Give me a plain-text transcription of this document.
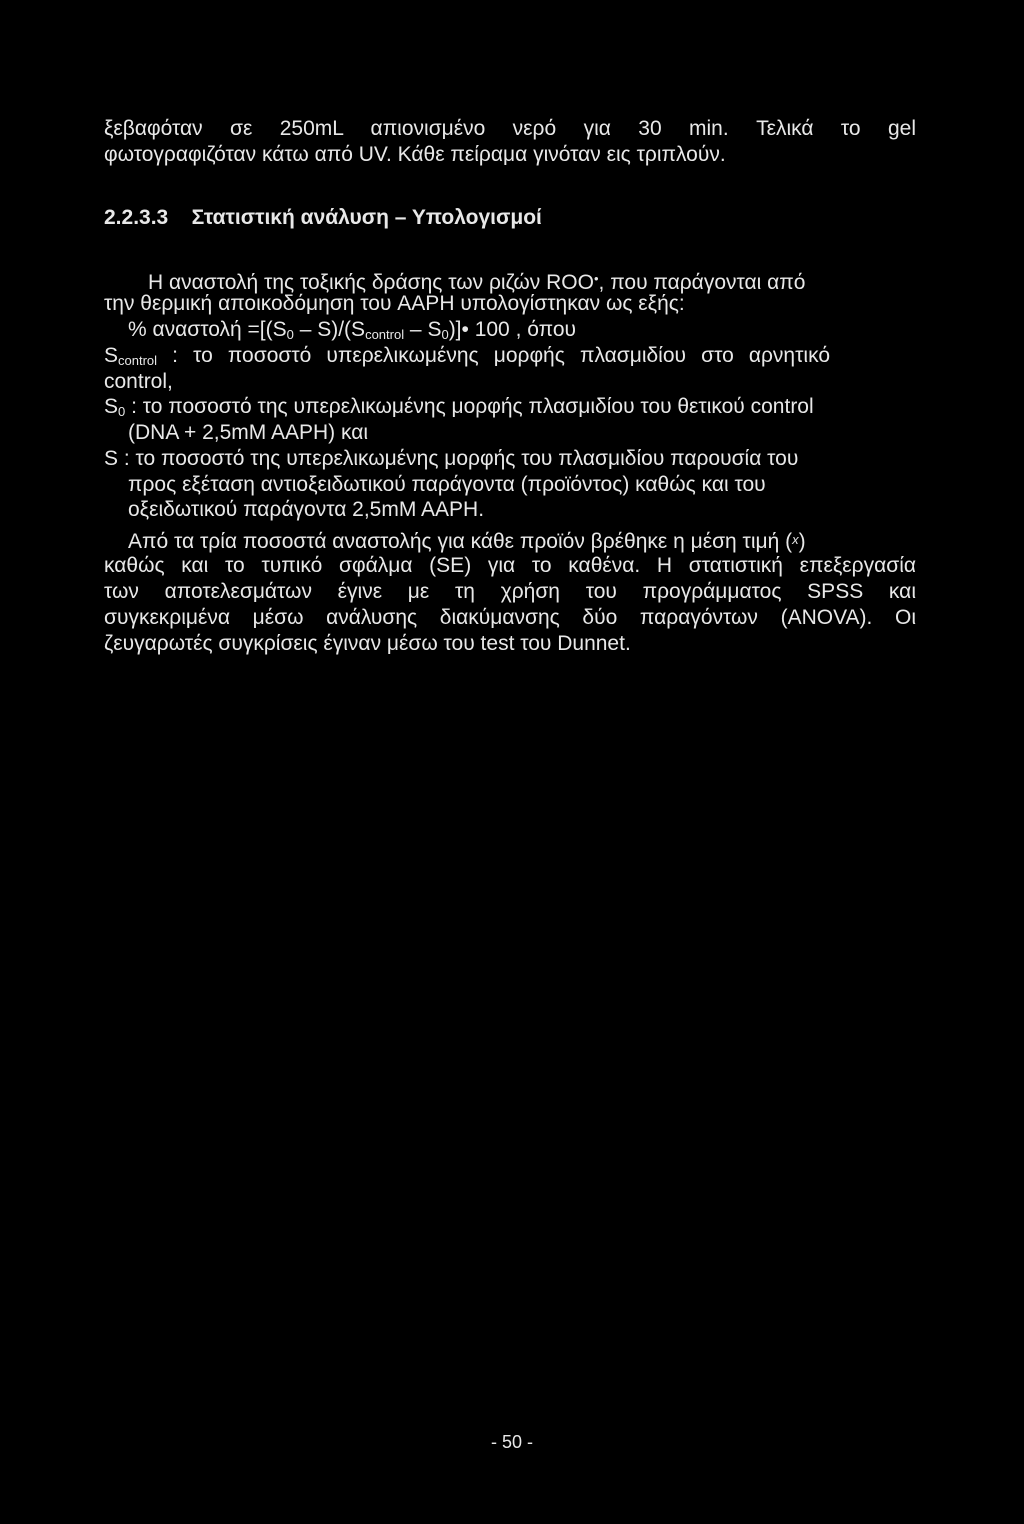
ξεβαφόταν σε 250mL απιονισμένο νερό για 30 min. Τελικά το gel
φωτογραφιζόταν κάτω από UV. Κάθε πείραμα γινόταν εις τριπλούν.
2.2.3.3 Στατιστική ανάλυση – Υπολογισμοί
Η αναστολή της τοξικής δράσης των ριζών ROO•, που παράγονται από
την θερμική αποικοδόμηση του AAPH υπολογίστηκαν ως εξής:
% $\alpha\nu\alpha\sigma\tau o\lambda ή =[(S_0 - S)/(S_{control}$ – $S_0)]•$ 100 , όπου
$S_{control}$ : το ποσοστό υπερελικωμένης μορφής πλασμιδίου στο αρνητικό
control,
$S_0$ : το ποσοστό της υπερελικωμένης μορφής πλασμιδίου του θετικού control
(DNA + 2,5mM AAPH) και
S : το ποσοστό της υπερελικωμένης μορφής του πλασμιδίου παρουσία του
προς εξέταση αντιοξειδωτικού παράγοντα (προϊόντος) καθώς και του
οξειδωτικού παράγοντα 2,5mM AAPH.
Από τα τρία ποσοστά αναστολής για κάθε προϊόν βρέθηκε η μέση τιμή (x)
καθώς και το τυπικό σφάλμα (SE) για το καθένα. Η στατιστική επεξεργασία
των αποτελεσμάτων έγινε με τη χρήση του προγράμματος SPSS και
συγκεκριμένα μέσω ανάλυσης διακύμανσης δύο παραγόντων (ANOVA). Οι
ζευγαρωτές συγκρίσεις έγιναν μέσω του test του Dunnet.
- 50 -
